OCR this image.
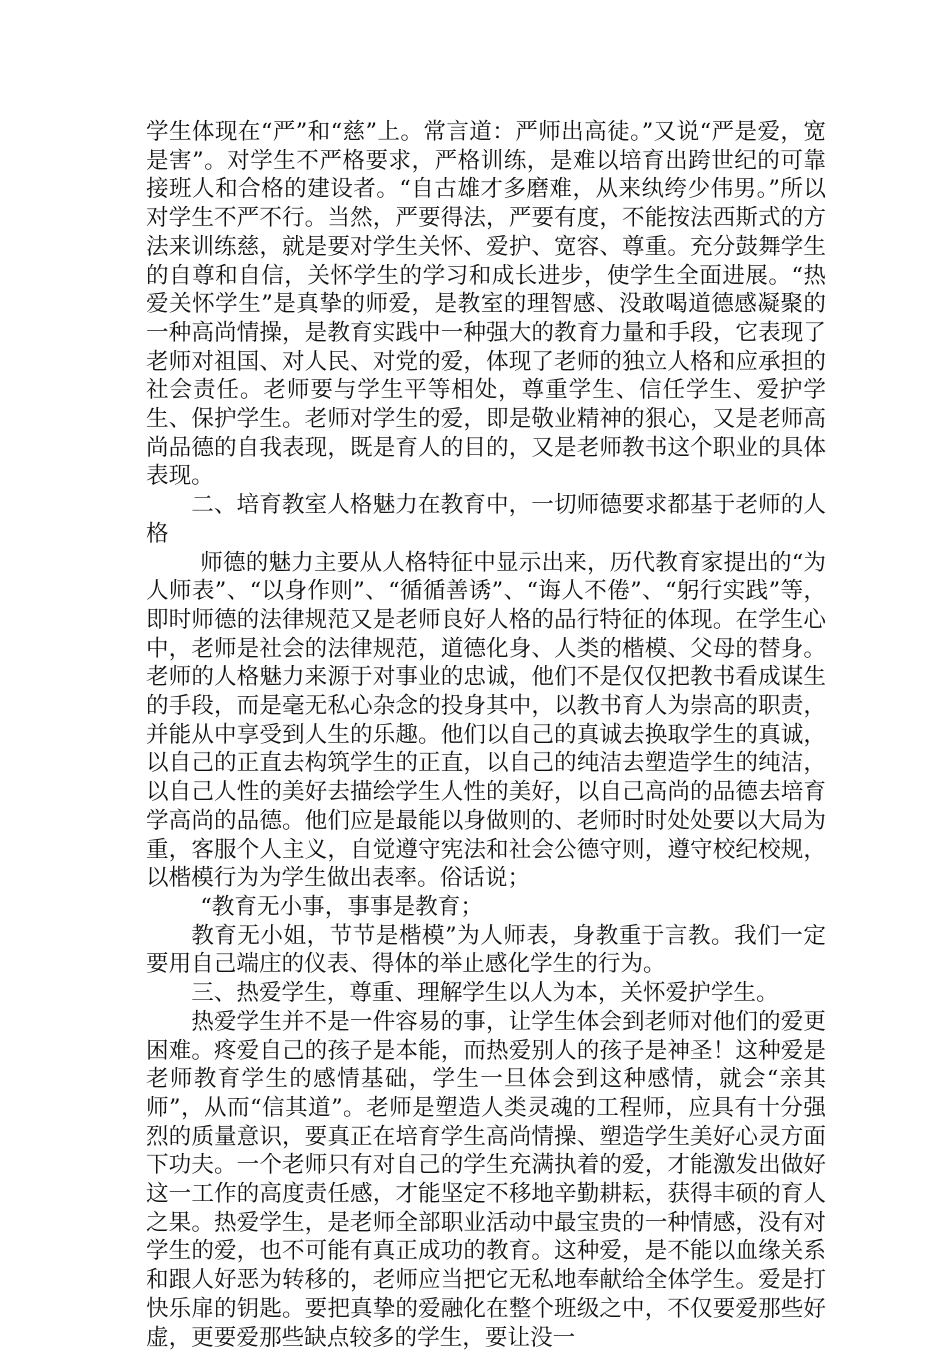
学生体现在“严”和“慈”上。常言道：严师出高徒。”又说“严是爱，宽是害”。对学生不严格要求，严格训练，是难以培育出跨世纪的可靠接班人和合格的建设者。“自古雄才多磨难，从来纨绔少伟男。”所以对学生不严不行。当然，严要得法，严要有度，不能按法西斯式的方法来训练慈，就是要对学生关怀、爱护、宽容、尊重。充分鼓舞学生的自尊和自信，关怀学生的学习和成长进步，使学生全面进展。“热爱关怀学生”是真挚的师爱，是教室的理智感、没敢喝道德感凝聚的一种高尚情操，是教育实践中一种强大的教育力量和手段，它表现了老师对祖国、对人民、对党的爱，体现了老师的独立人格和应承担的社会责任。老师要与学生平等相处，尊重学生、信任学生、爱护学生、保护学生。老师对学生的爱，即是敬业精神的狠心，又是老师高尚品德的自我表现，既是育人的目的，又是老师教书这个职业的具体表现。

二、培育教室人格魅力在教育中，一切师德要求都基于老师的人格

师德的魅力主要从人格特征中显示出来，历代教育家提出的“为人师表”、“以身作则”、“循循善诱”、“诲人不倦”、“躬行实践”等，即时师德的法律规范又是老师良好人格的品行特征的体现。在学生心中，老师是社会的法律规范，道德化身、人类的楷模、父母的替身。老师的人格魅力来源于对事业的忠诚，他们不是仅仅把教书看成谋生的手段，而是毫无私心杂念的投身其中，以教书育人为崇高的职责，并能从中享受到人生的乐趣。他们以自己的真诚去换取学生的真诚，以自己的正直去构筑学生的正直，以自己的纯洁去塑造学生的纯洁，以自己人性的美好去描绘学生人性的美好，以自己高尚的品德去培育学高尚的品德。他们应是最能以身做则的、老师时时处处要以大局为重，客服个人主义，自觉遵守宪法和社会公德守则，遵守校纪校规，以楷模行为为学生做出表率。俗话说；

“教育无小事，事事是教育；

教育无小姐，节节是楷模”为人师表，身教重于言教。我们一定要用自己端庄的仪表、得体的举止感化学生的行为。

三、热爱学生，尊重、理解学生以人为本，关怀爱护学生。

热爱学生并不是一件容易的事，让学生体会到老师对他们的爱更困难。疼爱自己的孩子是本能，而热爱别人的孩子是神圣！这种爱是老师教育学生的感情基础，学生一旦体会到这种感情，就会“亲其师”，从而“信其道”。老师是塑造人类灵魂的工程师，应具有十分强烈的质量意识，要真正在培育学生高尚情操、塑造学生美好心灵方面下功夫。一个老师只有对自己的学生充满执着的爱，才能激发出做好这一工作的高度责任感，才能坚定不移地辛勤耕耘，获得丰硕的育人之果。热爱学生，是老师全部职业活动中最宝贵的一种情感，没有对学生的爱，也不可能有真正成功的教育。这种爱，是不能以血缘关系和跟人好恶为转移的，老师应当把它无私地奉献给全体学生。爱是打快乐扉的钥匙。要把真挚的爱融化在整个班级之中，不仅要爱那些好虚，更要爱那些缺点较多的学生，要让没一
